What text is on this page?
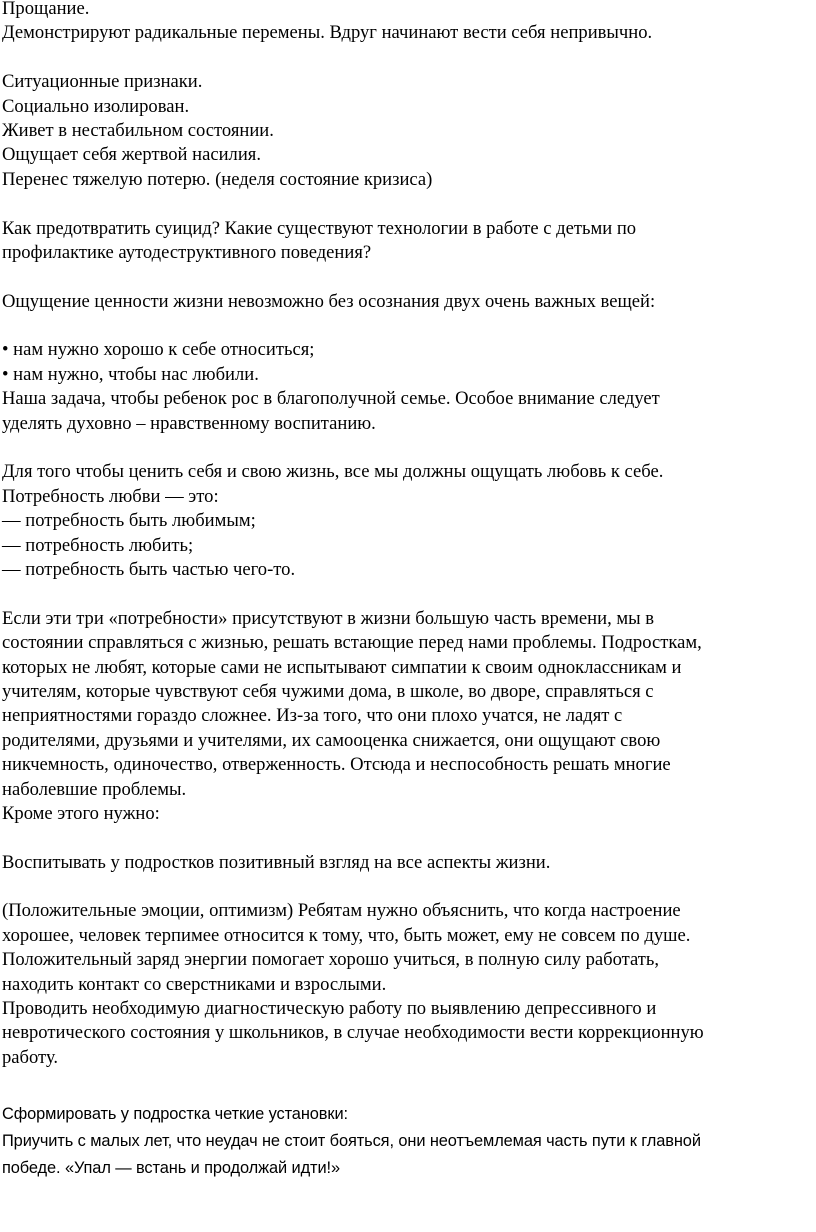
Прощание.
Демонстрируют радикальные перемены. Вдруг начинают вести себя непривычно.
Ситуационные признаки.
Социально изолирован.
Живет в нестабильном состоянии.
Ощущает себя жертвой насилия.
Перенес тяжелую потерю. (неделя состояние кризиса)
Как предотвратить суицид? Какие существуют технологии в работе с детьми по
профилактике аутодеструктивного поведения?
Ощущение ценности жизни невозможно без осознания двух очень важных вещей:
• нам нужно хорошо к себе относиться;
• нам нужно, чтобы нас любили.
Наша задача, чтобы ребенок рос в благополучной семье. Особое внимание следует
уделять духовно – нравственному воспитанию.
Для того чтобы ценить себя и свою жизнь, все мы должны ощущать любовь к себе.
Потребность любви — это:
— потребность быть любимым;
— потребность любить;
— потребность быть частью чего-то.
Если эти три «потребности» присутствуют в жизни большую часть времени, мы в
состоянии справляться с жизнью, решать встающие перед нами проблемы. Подросткам,
которых не любят, которые сами не испытывают симпатии к своим одноклассникам и
учителям, которые чувствуют себя чужими дома, в школе, во дворе, справляться с
неприятностями гораздо сложнее. Из-за того, что они плохо учатся, не ладят с
родителями, друзьями и учителями, их самооценка снижается, они ощущают свою
никчемность, одиночество, отверженность. Отсюда и неспособность решать многие
наболевшие проблемы.
Кроме этого нужно:
Воспитывать у подростков позитивный взгляд на все аспекты жизни.
(Положительные эмоции, оптимизм) Ребятам нужно объяснить, что когда настроение
хорошее, человек терпимее относится к тому, что, быть может, ему не совсем по душе.
Положительный заряд энергии помогает хорошо учиться, в полную силу работать,
находить контакт со сверстниками и взрослыми.
Проводить необходимую диагностическую работу по выявлению депрессивного и
невротического состояния у школьников, в случае необходимости вести коррекционную
работу.
Сформировать у подростка четкие установки:
Приучить с малых лет, что неудач не стоит бояться, они неотъемлемая часть пути к главной
победе. «Упал — встань и продолжай идти!»
